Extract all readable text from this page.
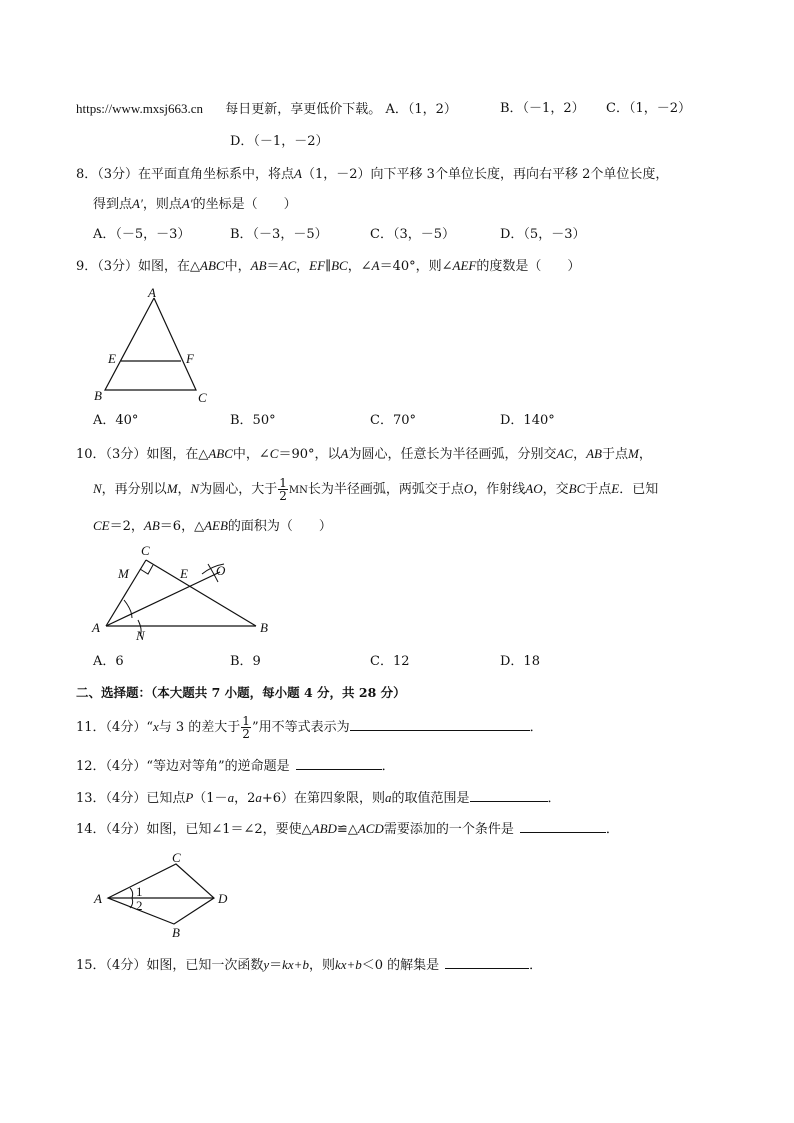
https://www.mxsj663.cn 每日更新，享更低价下载。 A．（1，2）	B．（－1，2） C．（1，－2）
D．（－1，－2）
8．（3分）在平面直角坐标系中，将点A（1，－2）向下平移 3个单位长度，再向右平移 2个单位长度，
得到点A′，则点A′的坐标是（　　）
A．（－5，－3）	B．（－3，－5）	C．（3，－5）	D．（5，－3）
9．（3分）如图，在△ABC中，AB＝AC，EF∥BC，∠A＝40°，则∠AEF的度数是（　　）
A
E	F
B	C
A．40°	B．50°	C．70°	D．140°
10．（3分）如图，在△ABC中，∠C＝90°，以A为圆心，任意长为半径画弧，分别交AC，AB于点M，
N，再分别以M，N为圆心，大于 $\frac{1}{2}$ MN长为半径画弧，两弧交于点O，作射线AO，交BC于点E．已知
CE＝2，AB＝6，△AEB的面积为（　　）
C
M	E O
A
N
B
A．6	B．9	C．12	D．18
二、选择题：（本大题共 7 小题，每小题 4 分，共 28 分）
11．（4分）“x与 3 的差大于 $\frac{1}{2}$ ”用不等式表示为	．
12．（4分）“等边对等角”的逆命题是	．
13．（4分）已知点P（1－a，2a+6）在第四象限，则a的取值范围是	．
14．（4分）如图，已知∠1＝∠2，要使△ABD≌△ACD需要添加的一个条件是	．
C
A	1
2	D
B
15．（4分）如图，已知一次函数y＝kx+b，则kx+b＜0 的解集是	．
